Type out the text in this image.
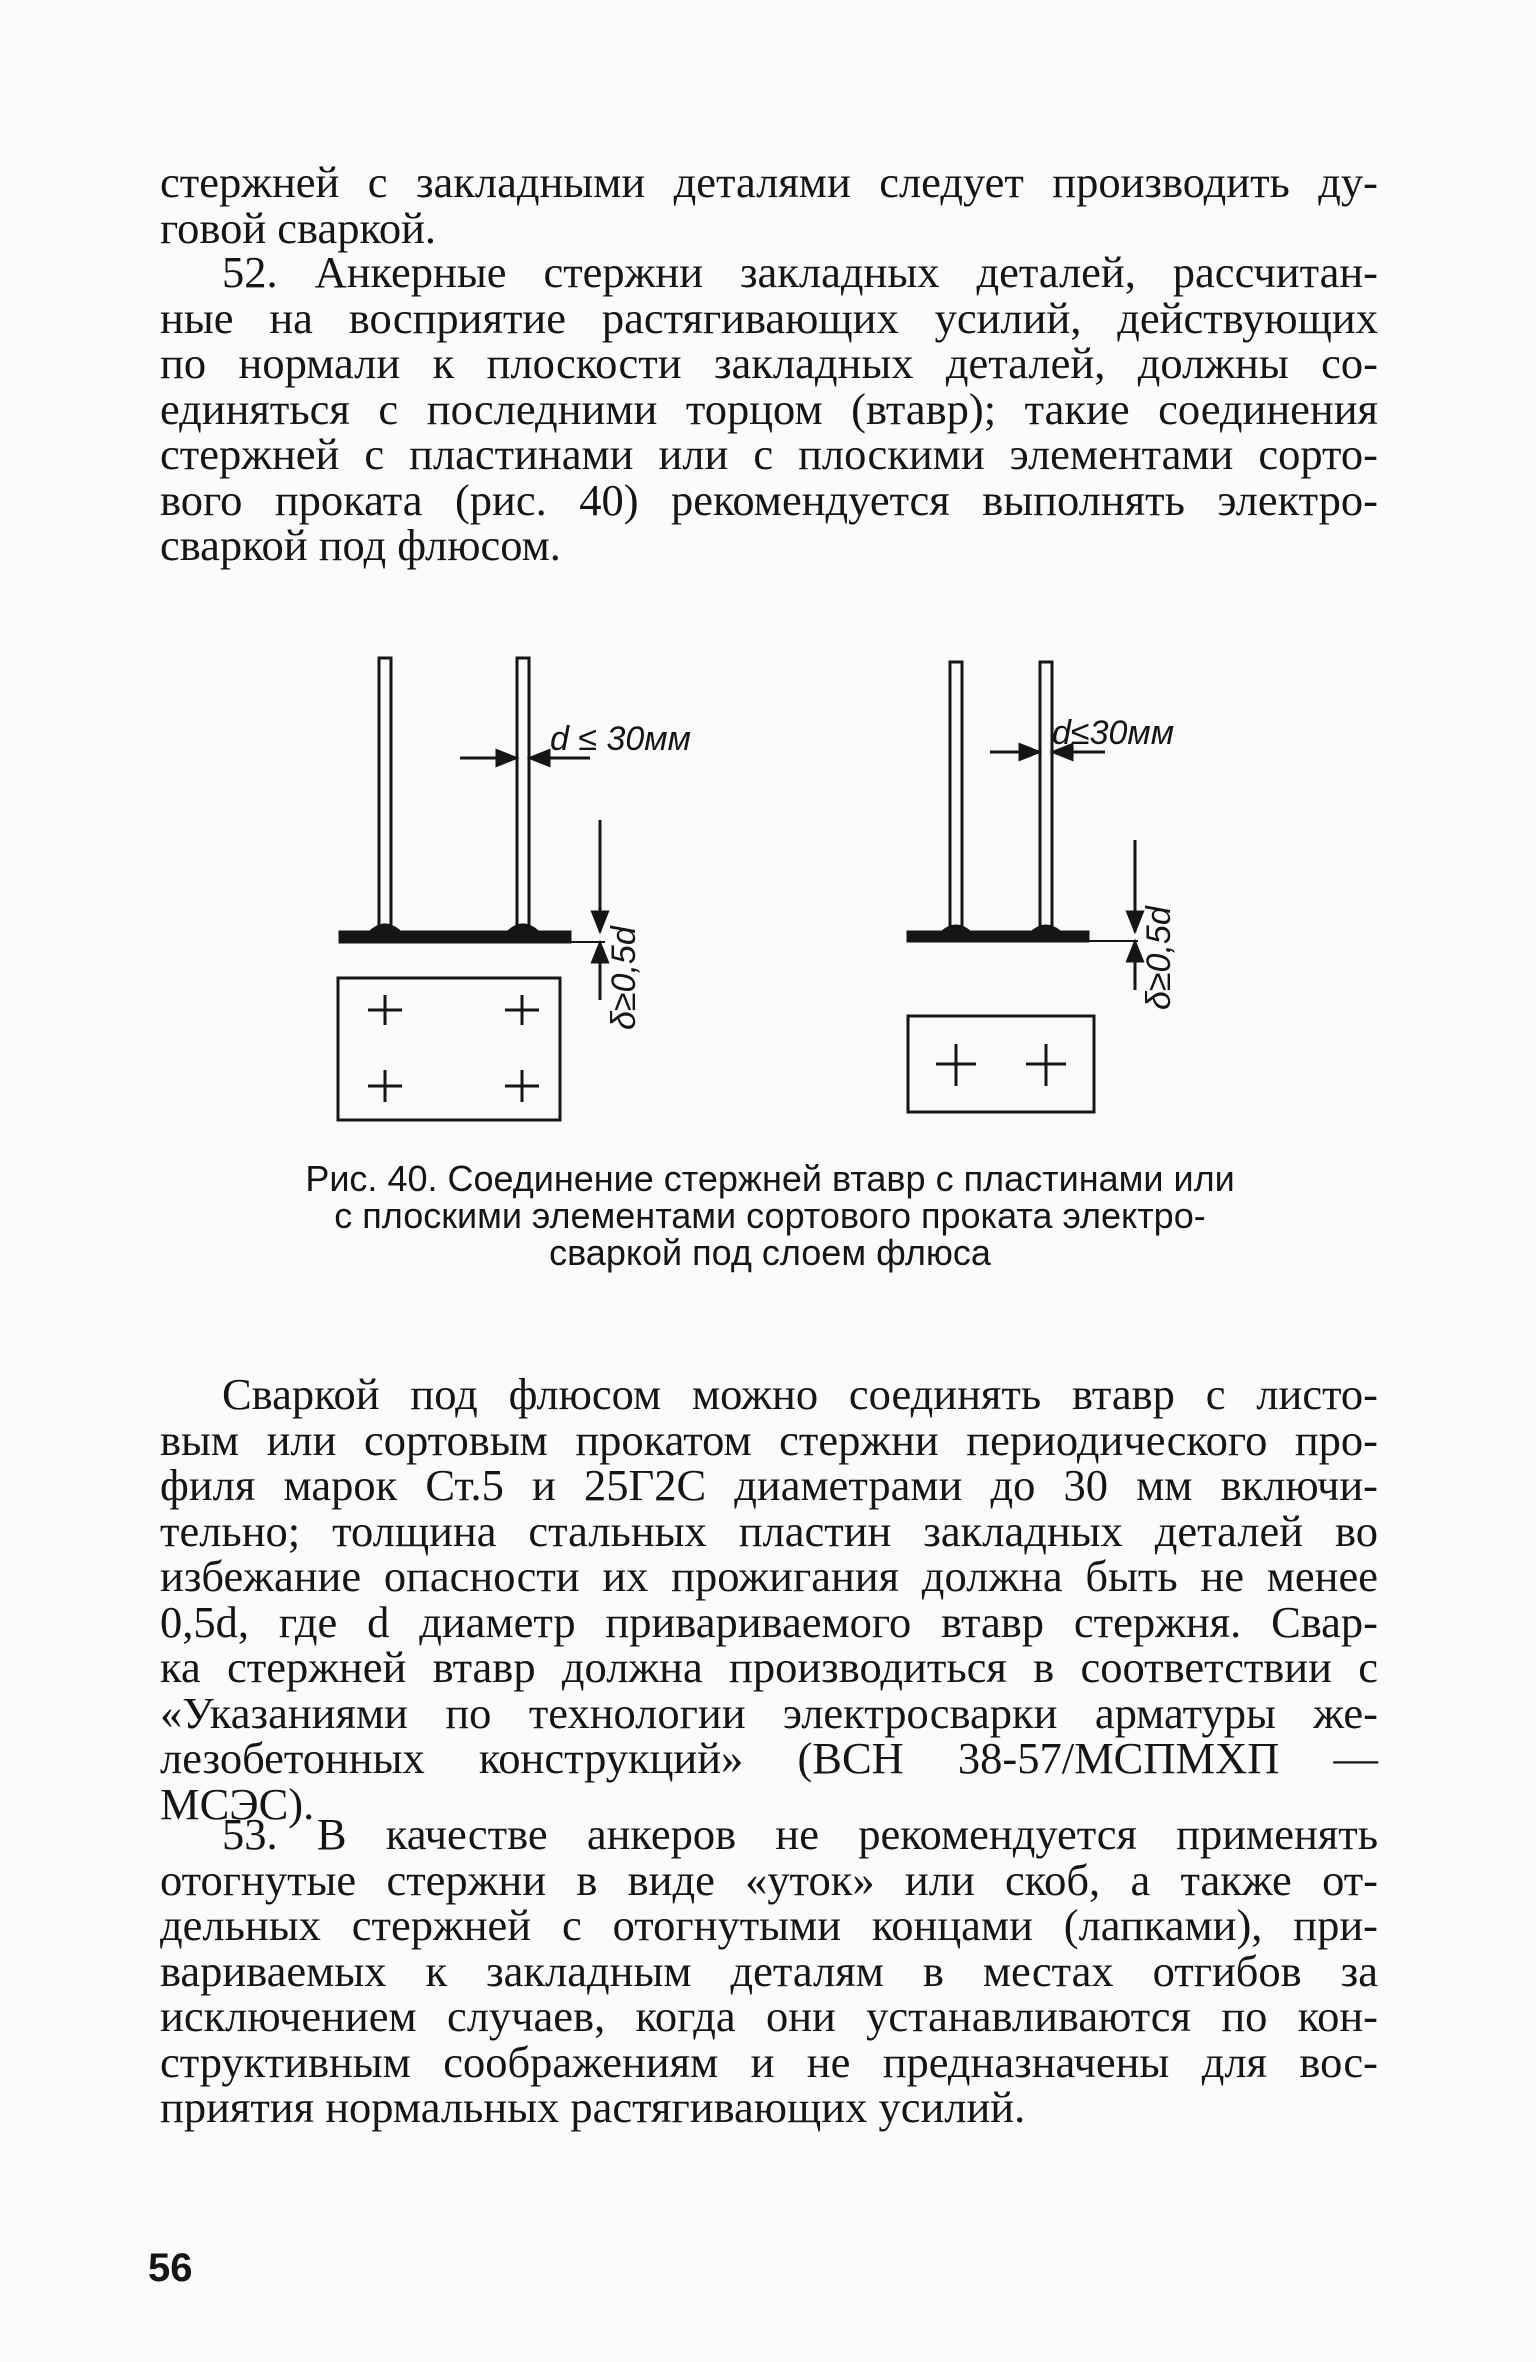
стержней с закладными деталями следует производить ду-
говой сваркой.
52. Анкерные стержни закладных деталей, рассчитан-
ные на восприятие растягивающих усилий, действующих
по нормали к плоскости закладных деталей, должны со-
единяться с последними торцом (втавр); такие соединения
стержней с пластинами или с плоскими элементами сорто-
вого проката (рис. 40) рекомендуется выполнять электро-
сваркой под флюсом.
d ≤ 30мм
δ≥0,5d
d≤30мм
δ≥0,5d
Рис. 40. Соединение стержней втавр с пластинами или
с плоскими элементами сортового проката электро-
сваркой под слоем флюса
Сваркой под флюсом можно соединять втавр с листо-
вым или сортовым прокатом стержни периодического про-
филя марок Ст.5 и 25Г2С диаметрами до 30 мм включи-
тельно; толщина стальных пластин закладных деталей во
избежание опасности их прожигания должна быть не менее
0,5d, где d диаметр привариваемого втавр стержня. Свар-
ка стержней втавр должна производиться в соответствии с
«Указаниями по технологии электросварки арматуры же-
лезобетонных конструкций» (ВСН 38-57/МСПМХП —
МСЭС).
53. В качестве анкеров не рекомендуется применять
отогнутые стержни в виде «уток» или скоб, а также от-
дельных стержней с отогнутыми концами (лапками), при-
вариваемых к закладным деталям в местах отгибов за
исключением случаев, когда они устанавливаются по кон-
структивным соображениям и не предназначены для вос-
приятия нормальных растягивающих усилий.
56
